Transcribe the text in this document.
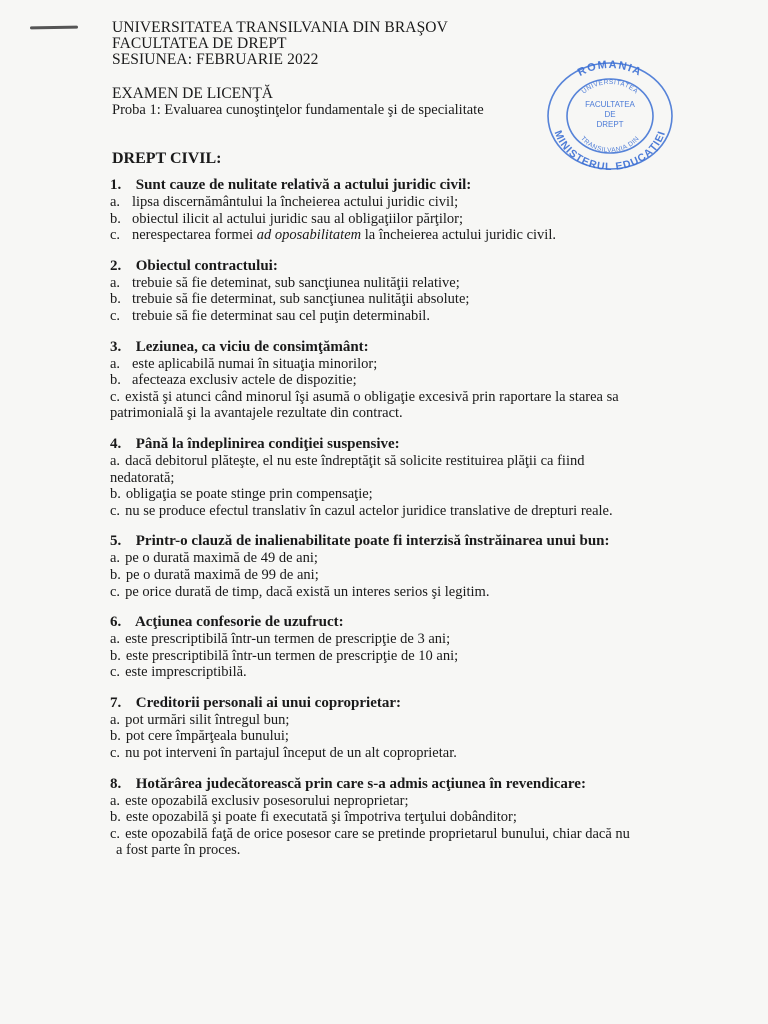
UNIVERSITATEA TRANSILVANIA DIN BRAŞOV
FACULTATEA DE DREPT
SESIUNEA: FEBRUARIE 2022
EXAMEN DE LICENŢĂ
Proba 1: Evaluarea cunoştinţelor fundamentale şi de specialitate
ROMANIA
MINISTERUL EDUCAŢIEI
UNIVERSITATEA
TRANSILVANIA DIN
FACULTATEA
DE
DREPT
DREPT CIVIL:
1. Sunt cauze de nulitate relativă a actului juridic civil:
a. lipsa discernământului la încheierea actului juridic civil;
b. obiectul ilicit al actului juridic sau al obligaţiilor părţilor;
c. nerespectarea formei ad oposabilitatem la încheierea actului juridic civil.
2. Obiectul contractului:
a. trebuie să fie deteminat, sub sancţiunea nulităţii relative;
b. trebuie să fie determinat, sub sancţiunea nulităţii absolute;
c. trebuie să fie determinat sau cel puţin determinabil.
3. Leziunea, ca viciu de consimţământ:
a. este aplicabilă numai în situaţia minorilor;
b. afecteaza exclusiv actele de dispozitie;
c. există şi atunci când minorul îşi asumă o obligaţie excesivă prin raportare la starea sa
patrimonială şi la avantajele rezultate din contract.
4. Până la îndeplinirea condiţiei suspensive:
a. dacă debitorul plăteşte, el nu este îndreptăţit să solicite restituirea plăţii ca fiind
nedatorată;
b. obligaţia se poate stinge prin compensaţie;
c. nu se produce efectul translativ în cazul actelor juridice translative de drepturi reale.
5. Printr-o clauză de inalienabilitate poate fi interzisă înstrăinarea unui bun:
a. pe o durată maximă de 49 de ani;
b. pe o durată maximă de 99 de ani;
c. pe orice durată de timp, dacă există un interes serios şi legitim.
6. Acţiunea confesorie de uzufruct:
a. este prescriptibilă într-un termen de prescripţie de 3 ani;
b. este prescriptibilă într-un termen de prescripţie de 10 ani;
c. este imprescriptibilă.
7. Creditorii personali ai unui coproprietar:
a. pot urmări silit întregul bun;
b. pot cere împărţeala bunului;
c. nu pot interveni în partajul început de un alt coproprietar.
8. Hotărârea judecătorească prin care s-a admis acţiunea în revendicare:
a. este opozabilă exclusiv posesorului neproprietar;
b. este opozabilă şi poate fi executată şi împotriva terţului dobânditor;
c. este opozabilă faţă de orice posesor care se pretinde proprietarul bunului, chiar dacă nu
a fost parte în proces.
